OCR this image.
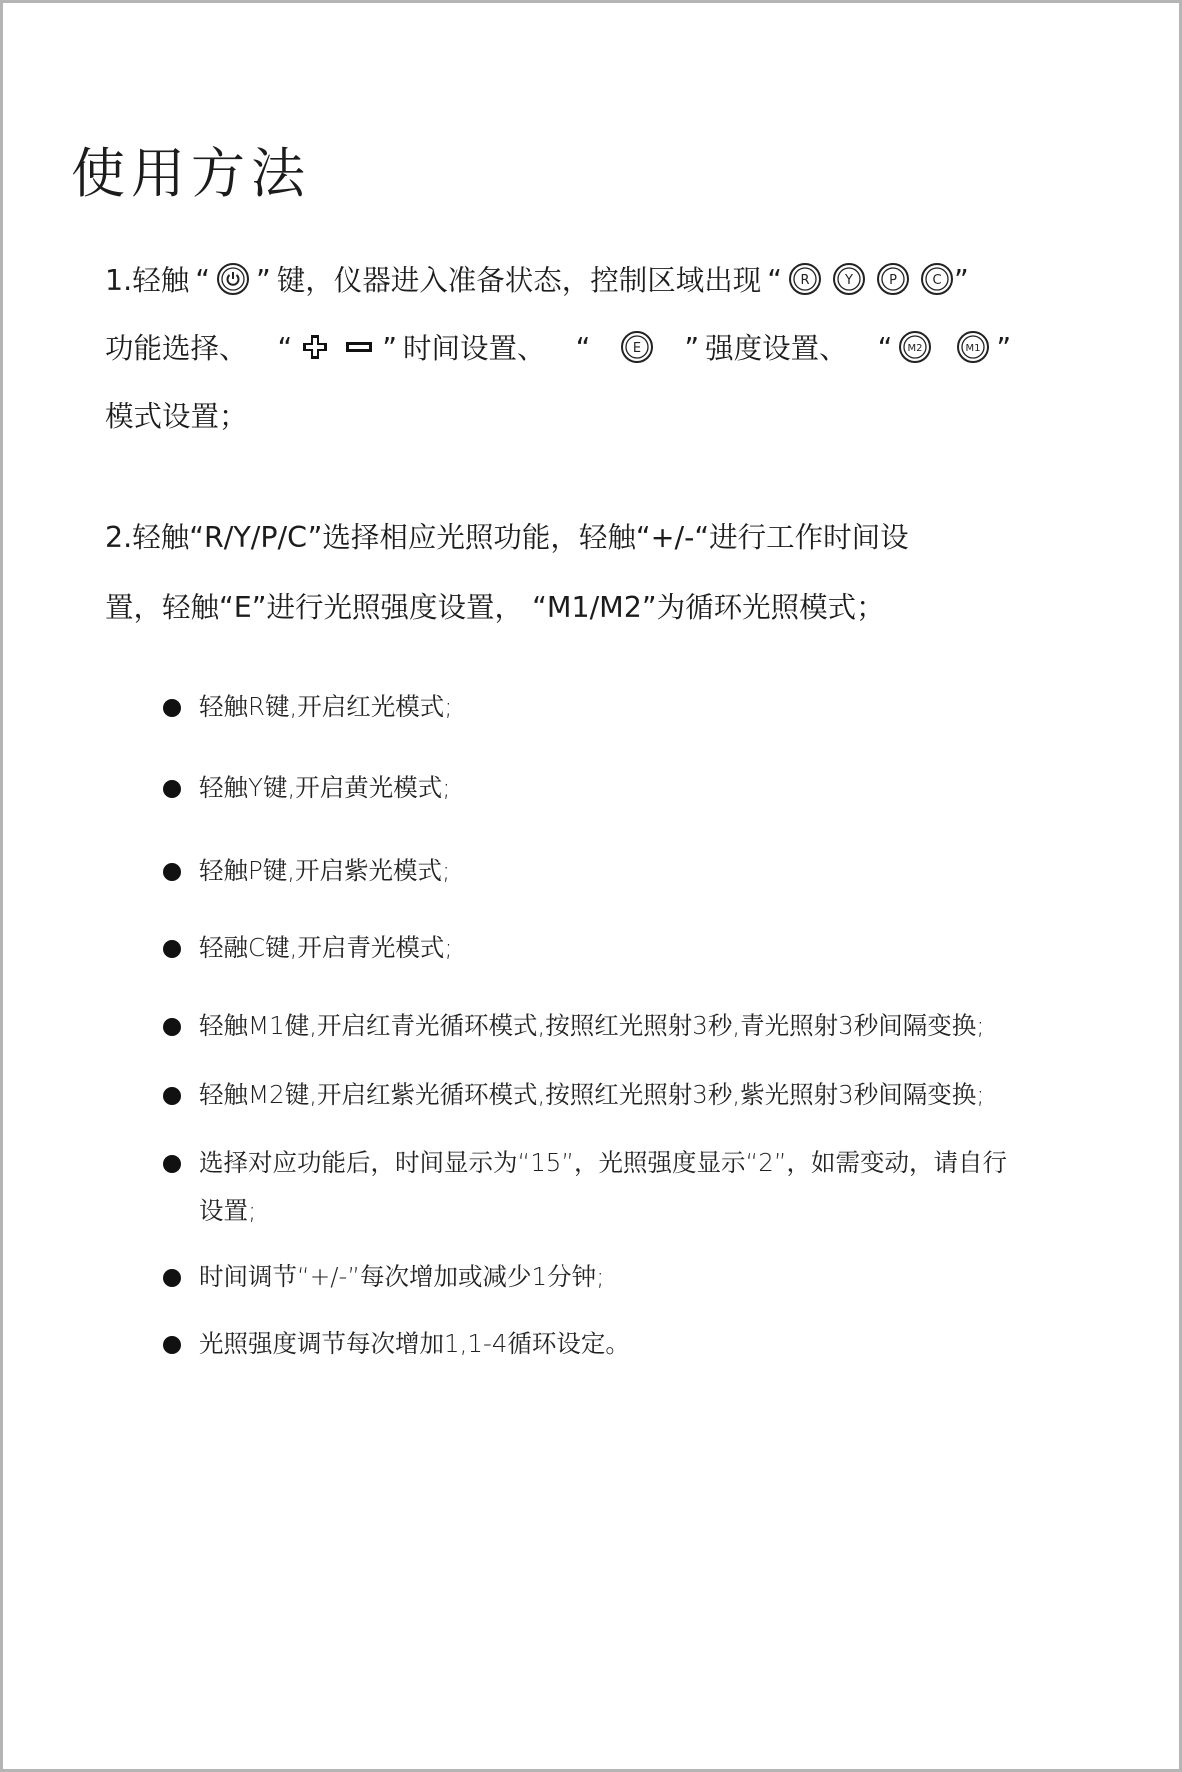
使用方法
1.轻触 “ ” 键，仪器进入准备状态，控制区域出现 “ R	Y	P	C ”
功能选择、 “	” 时间设置、 “	E ” 强度设置、 “ M2	M1 ”
模式设置；
2.轻触“R/Y/P/C”选择相应光照功能，轻触“+/-“进行工作时间设
置，轻触“E”进行光照强度设置， “M1/M2”为循环光照模式；
轻触R键,开启红光模式;
轻触Y键,开启黄光模式;
轻触P键,开启紫光模式;
轻融C键,开启青光模式;
轻触M1健,开启红青光循环模式,按照红光照射3秒,青光照射3秒间隔变换;
轻触M2键,开启红紫光循环模式,按照红光照射3秒,紫光照射3秒间隔变换;
选择对应功能后，时间显示为“15”，光照强度显示“2”，如需变动，请自行
设置;
时间调节“+/-”每次增加或减少1分钟;
光照强度调节每次增加1,1-4循环设定。
